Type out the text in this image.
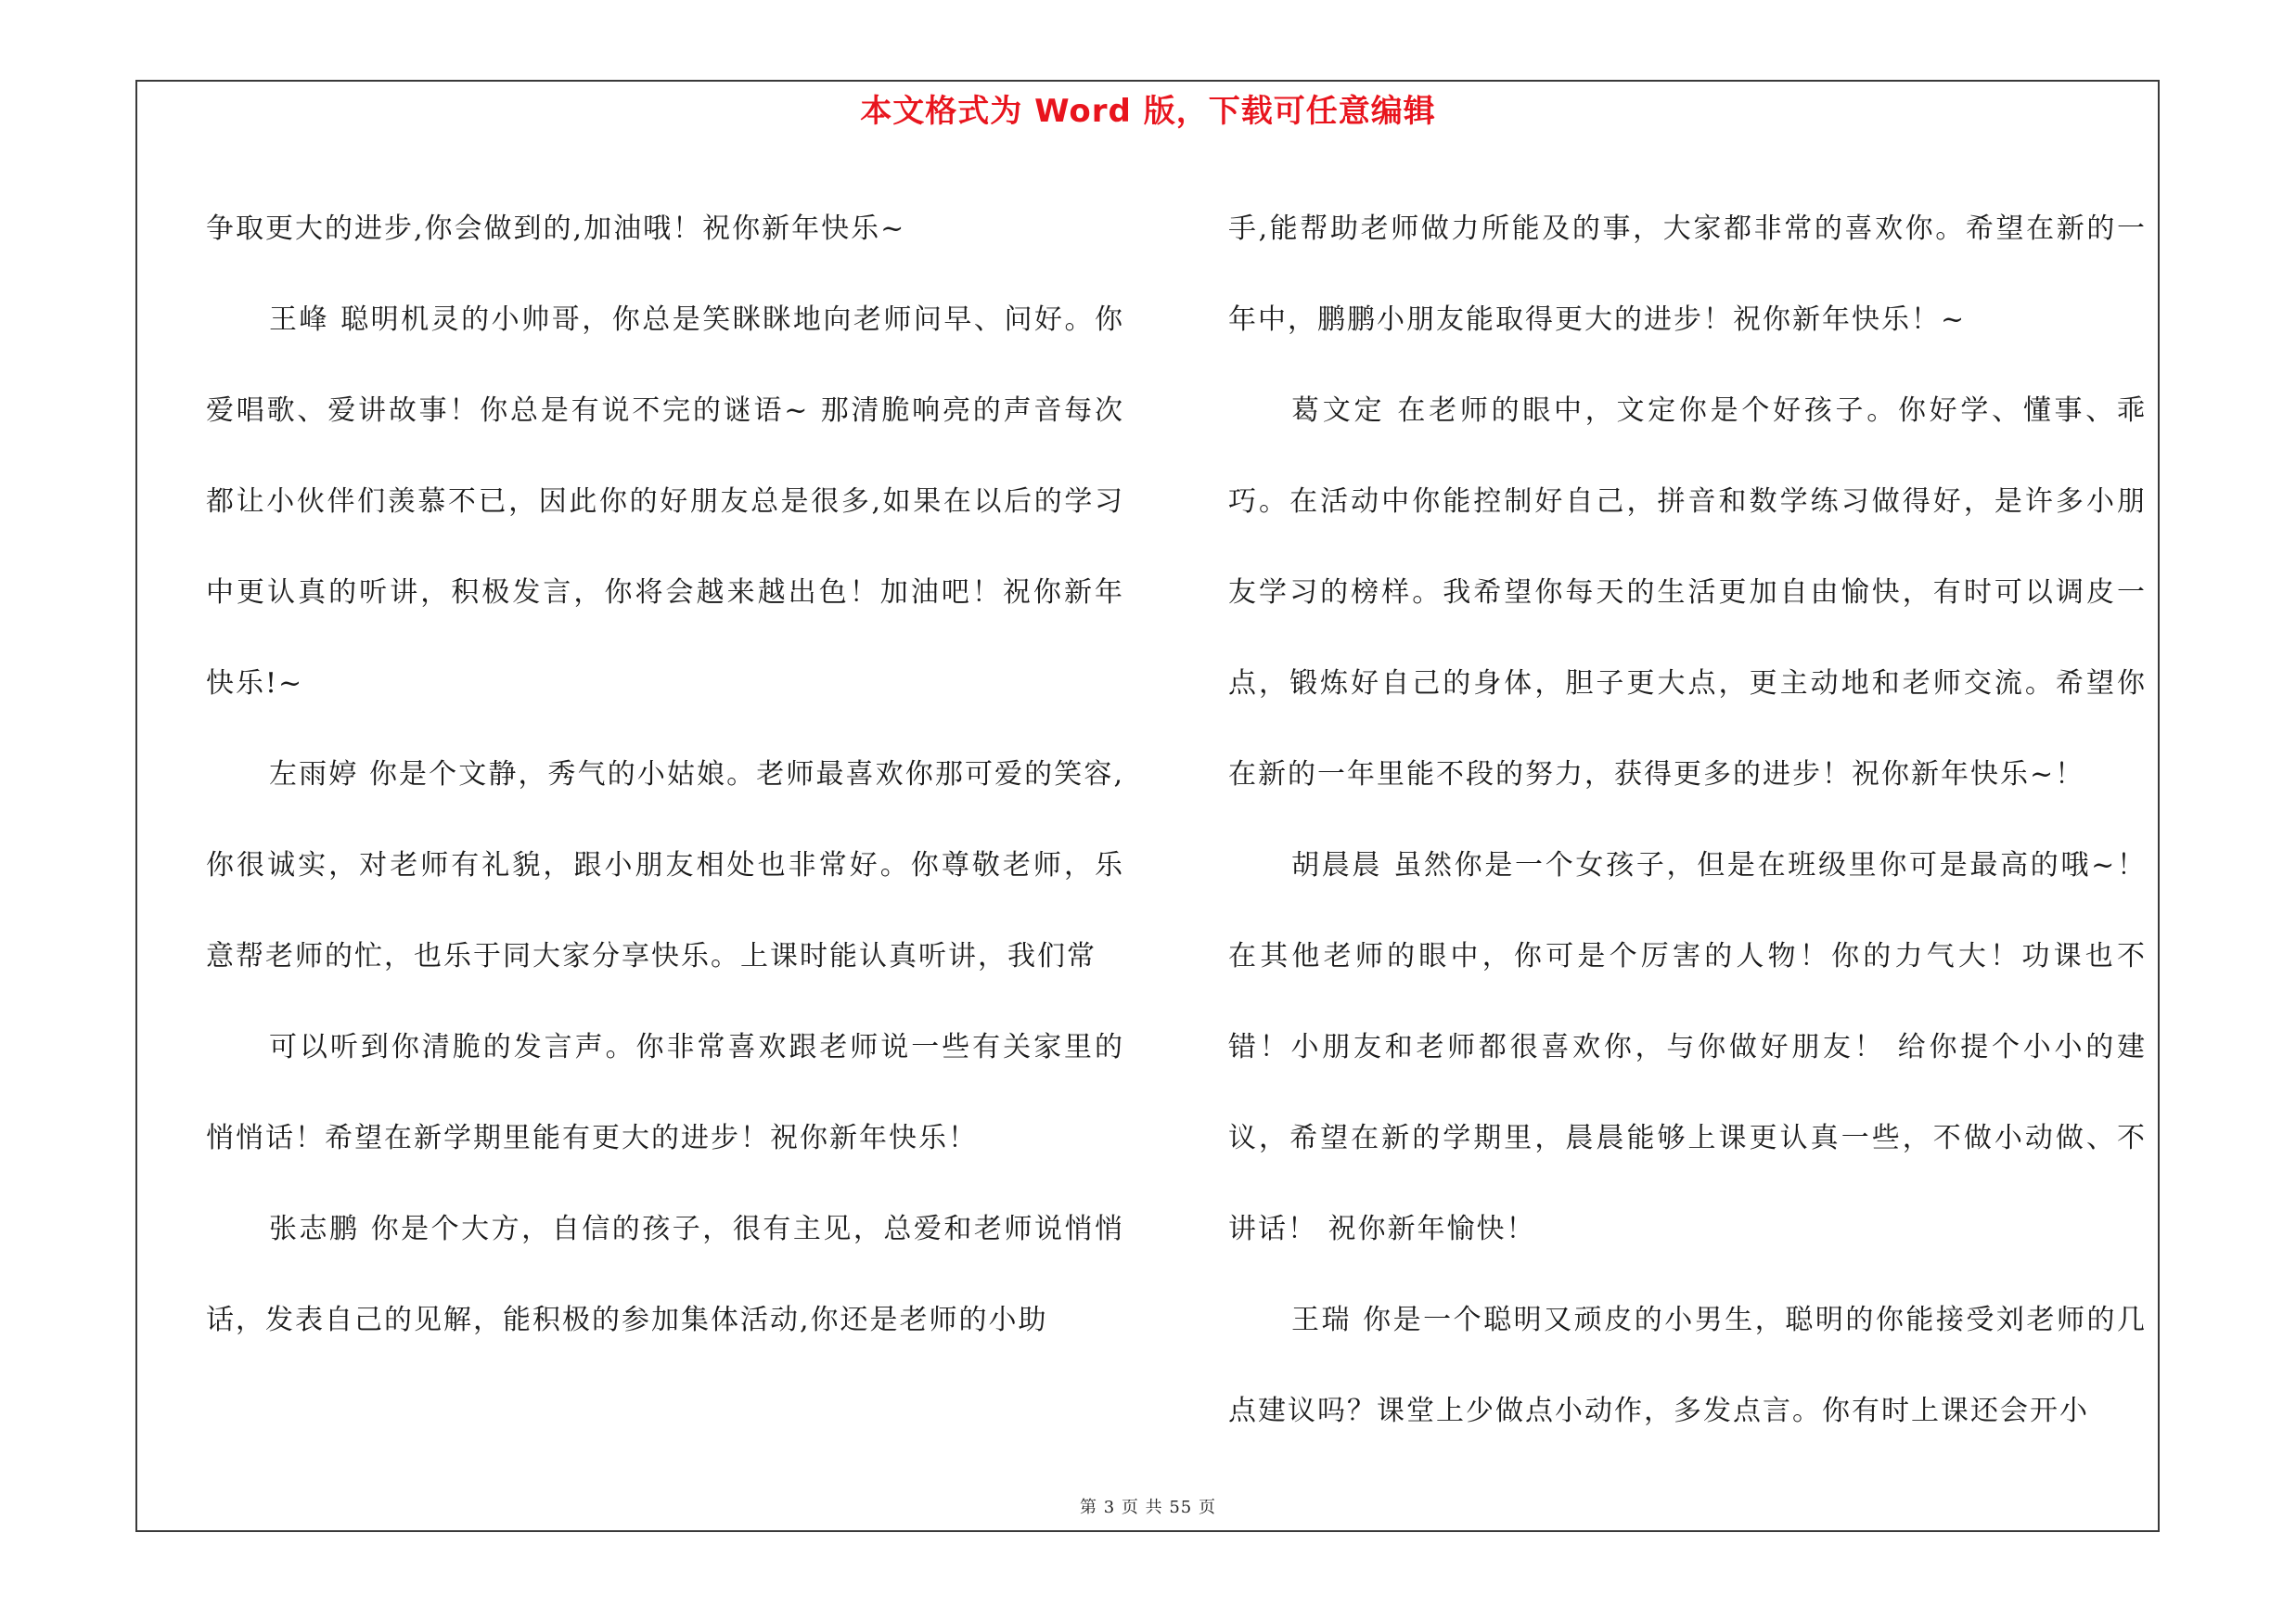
本文格式为 Word 版，下载可任意编辑

争取更大的进步,你会做到的,加油哦！祝你新年快乐~

王峰 聪明机灵的小帅哥，你总是笑眯眯地向老师问早、问好。你爱唱歌、爱讲故事！你总是有说不完的谜语~ 那清脆响亮的声音每次都让小伙伴们羡慕不已，因此你的好朋友总是很多,如果在以后的学习中更认真的听讲，积极发言，你将会越来越出色！加油吧！祝你新年快乐!~

左雨婷 你是个文静，秀气的小姑娘。老师最喜欢你那可爱的笑容,你很诚实，对老师有礼貌，跟小朋友相处也非常好。你尊敬老师，乐意帮老师的忙，也乐于同大家分享快乐。上课时能认真听讲，我们常

可以听到你清脆的发言声。你非常喜欢跟老师说一些有关家里的悄悄话！希望在新学期里能有更大的进步！祝你新年快乐！

张志鹏 你是个大方，自信的孩子，很有主见，总爱和老师说悄悄话，发表自己的见解，能积极的参加集体活动,你还是老师的小助

手,能帮助老师做力所能及的事，大家都非常的喜欢你。希望在新的一年中，鹏鹏小朋友能取得更大的进步！祝你新年快乐！~

葛文定 在老师的眼中，文定你是个好孩子。你好学、懂事、乖巧。在活动中你能控制好自己，拼音和数学练习做得好，是许多小朋友学习的榜样。我希望你每天的生活更加自由愉快，有时可以调皮一点，锻炼好自己的身体，胆子更大点，更主动地和老师交流。希望你在新的一年里能不段的努力，获得更多的进步！祝你新年快乐~！

胡晨晨 虽然你是一个女孩子，但是在班级里你可是最高的哦~！在其他老师的眼中，你可是个厉害的人物！你的力气大！功课也不错！小朋友和老师都很喜欢你，与你做好朋友！ 给你提个小小的建议，希望在新的学期里，晨晨能够上课更认真一些，不做小动做、不讲话！ 祝你新年愉快！

王瑞 你是一个聪明又顽皮的小男生，聪明的你能接受刘老师的几点建议吗？课堂上少做点小动作，多发点言。你有时上课还会开小

第 3 页 共 55 页
